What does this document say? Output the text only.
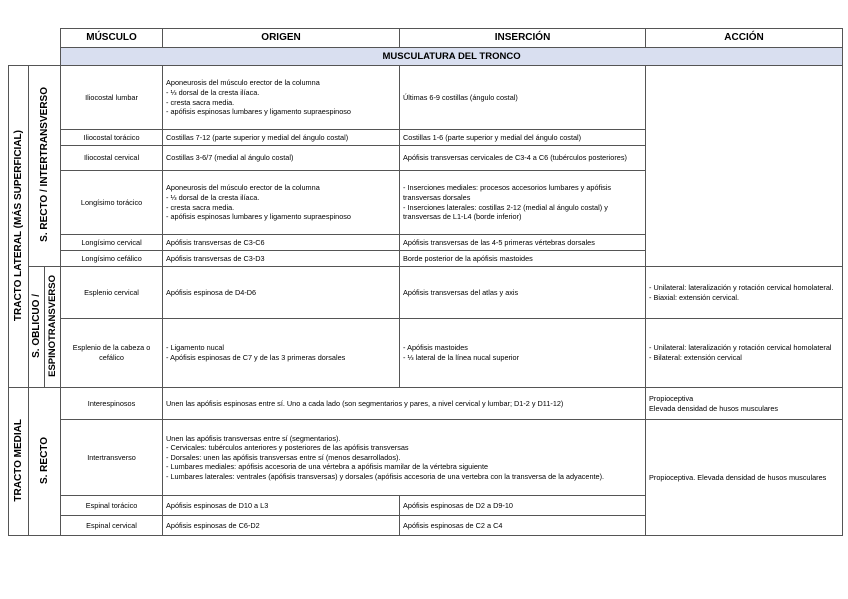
			MÚSCULO	ORIGEN	INSERCIÓN	ACCIÓN
			MUSCULATURA DEL TRONCO			
TRACTO LATERAL (MÁS SUPERFICIAL)	S. RECTO / INTERTRANSVERSO		Iliocostal lumbar	Aponeurosis del músculo erector de la columna
- ⅓ dorsal de la cresta ilíaca.
- cresta sacra media.
- apófisis espinosas lumbares y ligamento supraespinoso	Últimas 6-9 costillas (ángulo costal)	
			Iliocostal torácico	Costillas 7-12 (parte superior y medial del ángulo costal)	Costillas 1-6 (parte superior y medial del ángulo costal)	
			Iliocostal cervical	Costillas 3-6/7 (medial al ángulo costal)	Apófisis transversas cervicales de C3-4 a C6 (tubérculos posteriores)	
			Longísimo torácico	Aponeurosis del músculo erector de la columna
- ⅓ dorsal de la cresta ilíaca.
- cresta sacra media.
- apófisis espinosas lumbares y ligamento supraespinoso	- Inserciones mediales: procesos accesorios lumbares y apófisis transversas dorsales
- Inserciones laterales: costillas 2-12 (medial al ángulo costal) y transversas de L1-L4 (borde inferior)	
			Longísimo cervical	Apófisis transversas de C3-C6	Apófisis transversas de las 4-5 primeras vértebras dorsales	
			Longísimo cefálico	Apófisis transversas de C3-D3	Borde posterior de la apófisis mastoides	
	S. OBLICUO /	ESPINOTRANSVERSO	Esplenio cervical	Apófisis espinosa de D4-D6	Apófisis transversas del atlas y axis	- Unilateral: lateralización y rotación cervical homolateral.
- Biaxial: extensión cervical.
			Esplenio de la cabeza o cefálico	- Ligamento nucal
- Apófisis espinosas de C7 y de las 3 primeras dorsales	- Apófisis mastoides
- ⅓ lateral de la línea nucal superior	- Unilateral: lateralización y rotación cervical homolateral
- Bilateral: extensión cervical
TRACTO MEDIAL	S. RECTO		Interespinosos	Unen las apófisis espinosas entre sí. Uno a cada lado (son segmentarios y pares, a nivel cervical y lumbar; D1-2 y D11-12)		Propioceptiva
Elevada densidad de husos musculares
			Intertransverso	Unen las apófisis transversas entre sí (segmentarios).
- Cervicales: tubérculos anteriores y posteriores de las apófisis transversas
- Dorsales: unen las apófisis transversas entre sí (menos desarrollados).
- Lumbares mediales: apófisis accesoria de una vértebra a apófisis mamilar de la vértebra siguiente
- Lumbares laterales: ventrales (apófisis transversas) y dorsales (apófisis accesoria de una vertebra con la transversa de la adyacente).		Propioceptiva. Elevada densidad de husos musculares
			Espinal torácico	Apófisis espinosas de D10 a L3	Apófisis espinosas de D2 a D9-10	
			Espinal cervical	Apófisis espinosas de C6-D2	Apófisis espinosas de C2 a C4	
